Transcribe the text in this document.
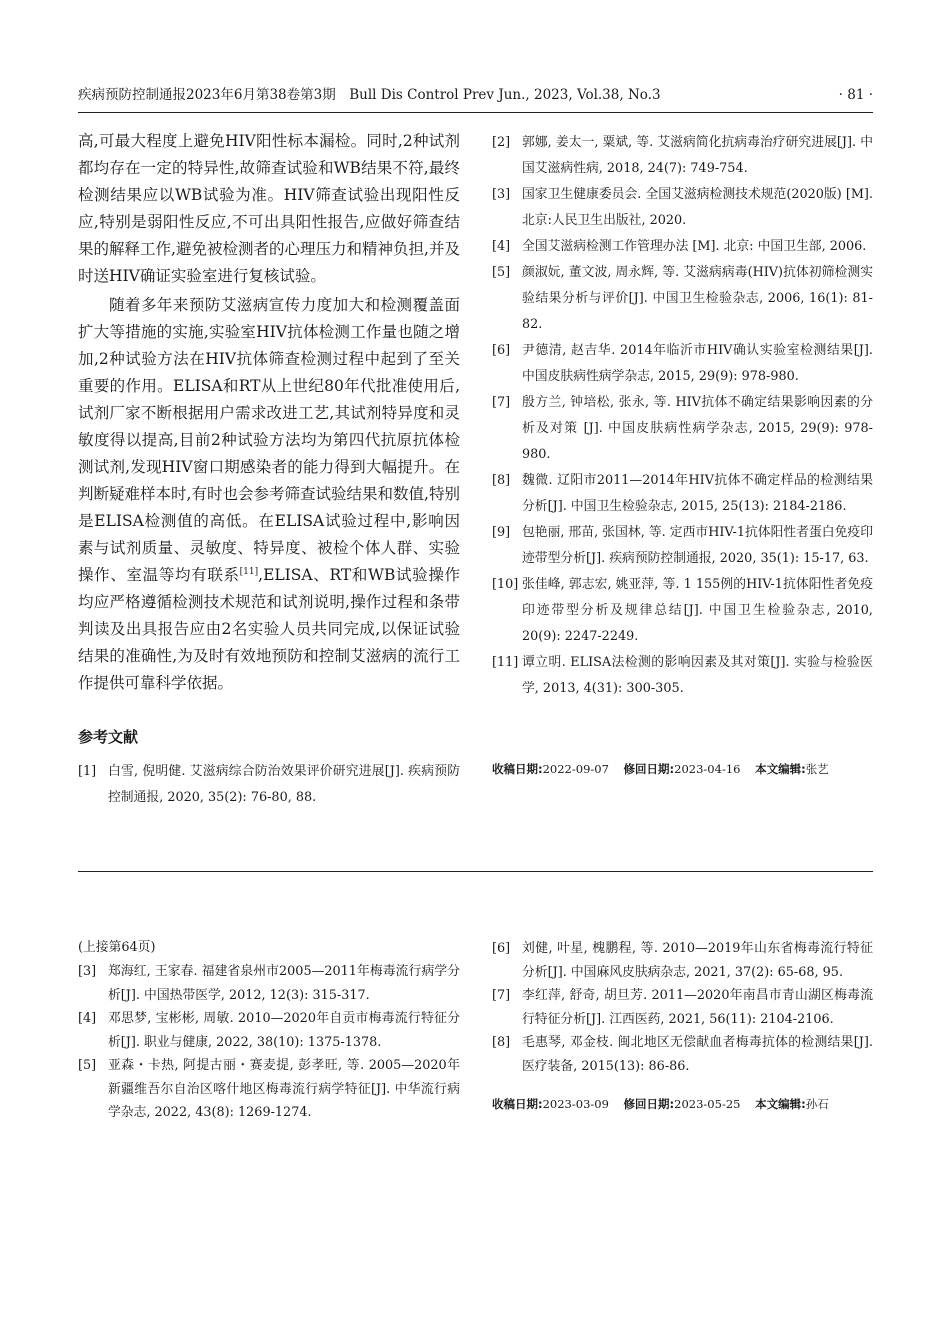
疾病预防控制通报2023年6月第38卷第3期　Bull Dis Control Prev Jun., 2023, Vol.38, No.3	· 81 ·

高,可最大程度上避免HIV阳性标本漏检。同时,2种试剂都均存在一定的特异性,故筛查试验和WB结果不符,最终检测结果应以WB试验为准。HIV筛查试验出现阳性反应,特别是弱阳性反应,不可出具阳性报告,应做好筛查结果的解释工作,避免被检测者的心理压力和精神负担,并及时送HIV确证实验室进行复核试验。

随着多年来预防艾滋病宣传力度加大和检测覆盖面扩大等措施的实施,实验室HIV抗体检测工作量也随之增加,2种试验方法在HIV抗体筛查检测过程中起到了至关重要的作用。ELISA和RT从上世纪80年代批准使用后,试剂厂家不断根据用户需求改进工艺,其试剂特异度和灵敏度得以提高,目前2种试验方法均为第四代抗原抗体检测试剂,发现HIV窗口期感染者的能力得到大幅提升。在判断疑难样本时,有时也会参考筛查试验结果和数值,特别是ELISA检测值的高低。在ELISA试验过程中,影响因素与试剂质量、灵敏度、特异度、被检个体人群、实验操作、室温等均有联系[11],ELISA、RT和WB试验操作均应严格遵循检测技术规范和试剂说明,操作过程和条带判读及出具报告应由2名实验人员共同完成,以保证试验结果的准确性,为及时有效地预防和控制艾滋病的流行工作提供可靠科学依据。

参考文献
[1] 白雪, 倪明健. 艾滋病综合防治效果评价研究进展[J]. 疾病预防控制通报, 2020, 35(2): 76-80, 88.
[2] 郭娜, 姜太一, 粟斌, 等. 艾滋病简化抗病毒治疗研究进展[J]. 中国艾滋病性病, 2018, 24(7): 749-754.
[3] 国家卫生健康委员会. 全国艾滋病检测技术规范(2020版) [M]. 北京:人民卫生出版社, 2020.
[4] 全国艾滋病检测工作管理办法 [M]. 北京: 中国卫生部, 2006.
[5] 颜淑妧, 董文波, 周永辉, 等. 艾滋病病毒(HIV)抗体初筛检测实验结果分析与评价[J]. 中国卫生检验杂志, 2006, 16(1): 81-82.
[6] 尹德清, 赵吉华. 2014年临沂市HIV确认实验室检测结果[J]. 中国皮肤病性病学杂志, 2015, 29(9): 978-980.
[7] 殷方兰, 钟培松, 张永, 等. HIV抗体不确定结果影响因素的分析及对策 [J]. 中国皮肤病性病学杂志, 2015, 29(9): 978-980.
[8] 魏微. 辽阳市2011—2014年HIV抗体不确定样品的检测结果分析[J]. 中国卫生检验杂志, 2015, 25(13): 2184-2186.
[9] 包艳丽, 邢苗, 张国林, 等. 定西市HIV-1抗体阳性者蛋白免疫印迹带型分析[J]. 疾病预防控制通报, 2020, 35(1): 15-17, 63.
[10] 张佳峰, 郭志宏, 姚亚萍, 等. 1 155例的HIV-1抗体阳性者免疫印迹带型分析及规律总结[J]. 中国卫生检验杂志, 2010, 20(9): 2247-2249.
[11] 谭立明. ELISA法检测的影响因素及其对策[J]. 实验与检验医学, 2013, 4(31): 300-305.
收稿日期:2022-09-07 修回日期:2023-04-16 本文编辑:张艺
(上接第64页)
[3] 郑海红, 王家春. 福建省泉州市2005—2011年梅毒流行病学分析[J]. 中国热带医学, 2012, 12(3): 315-317.
[4] 邓思梦, 宝彬彬, 周敏. 2010—2020年自贡市梅毒流行特征分析[J]. 职业与健康, 2022, 38(10): 1375-1378.
[5] 亚森・卡热, 阿提古丽・赛麦提, 彭孝旺, 等. 2005—2020年新疆维吾尔自治区喀什地区梅毒流行病学特征[J]. 中华流行病学杂志, 2022, 43(8): 1269-1274.
[6] 刘健, 叶星, 槐鹏程, 等. 2010—2019年山东省梅毒流行特征分析[J]. 中国麻风皮肤病杂志, 2021, 37(2): 65-68, 95.
[7] 李红萍, 舒奇, 胡旦芳. 2011—2020年南昌市青山湖区梅毒流行特征分析[J]. 江西医药, 2021, 56(11): 2104-2106.
[8] 毛惠琴, 邓金枝. 闽北地区无偿献血者梅毒抗体的检测结果[J]. 医疗装备, 2015(13): 86-86.
收稿日期:2023-03-09 修回日期:2023-05-25 本文编辑:孙石
